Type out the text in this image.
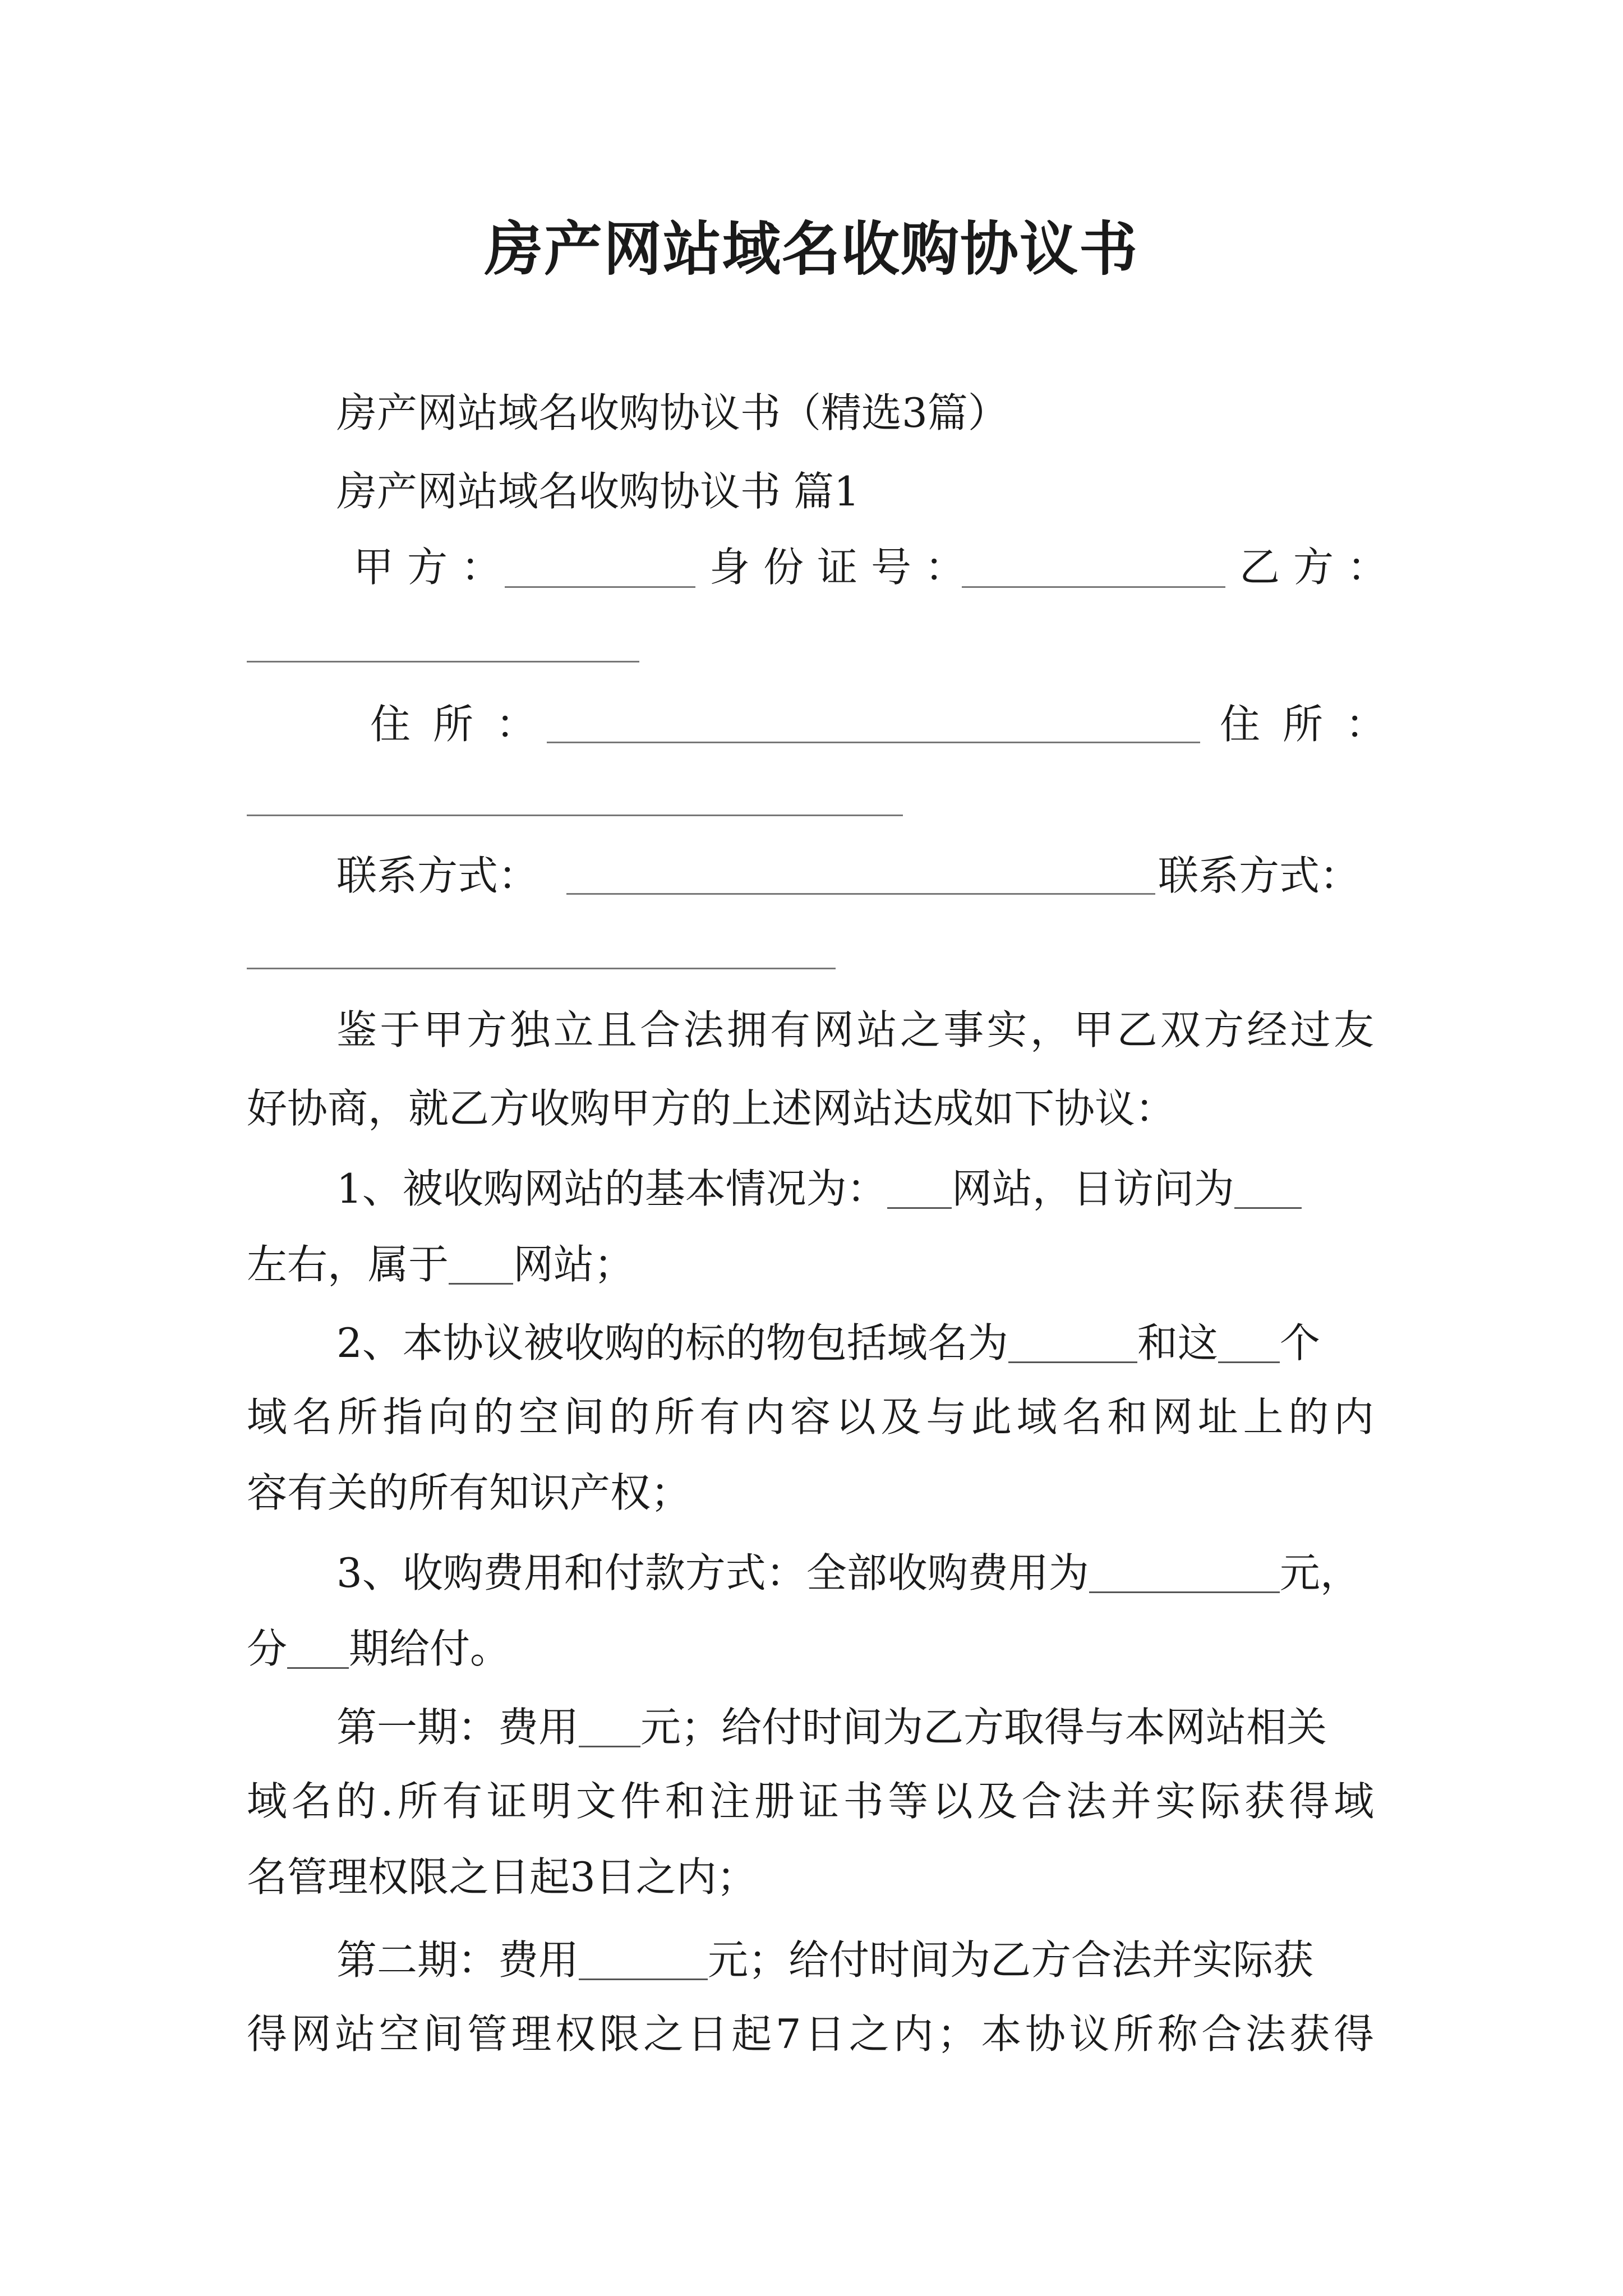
房产网站域名收购协议书
房产网站域名收购协议书（精选3篇）
房产网站域名收购协议书 篇1
甲方：	身份证号：	乙方：
住所：	住所：
联系方式：	联系方式：
鉴于甲方独立且合法拥有网站之事实，甲乙双方经过友
好协商，就乙方收购甲方的上述网站达成如下协议：
1、被收购网站的基本情况为： 网站，日访问为
左右，属于 网站；
2、本协议被收购的标的物包括域名为	和这 个
域名所指向的空间的所有内容以及与此域名和网址上的内
容有关的所有知识产权；
3、收购费用和付款方式：全部收购费用为	元，
分 期给付。
第一期：费用 元；给付时间为乙方取得与本网站相关
域名的.所有证明文件和注册证书等以及合法并实际获得域
名管理权限之日起3日之内；
第二期：费用	元；给付时间为乙方合法并实际获
得网站空间管理权限之日起7日之内；本协议所称合法获得
